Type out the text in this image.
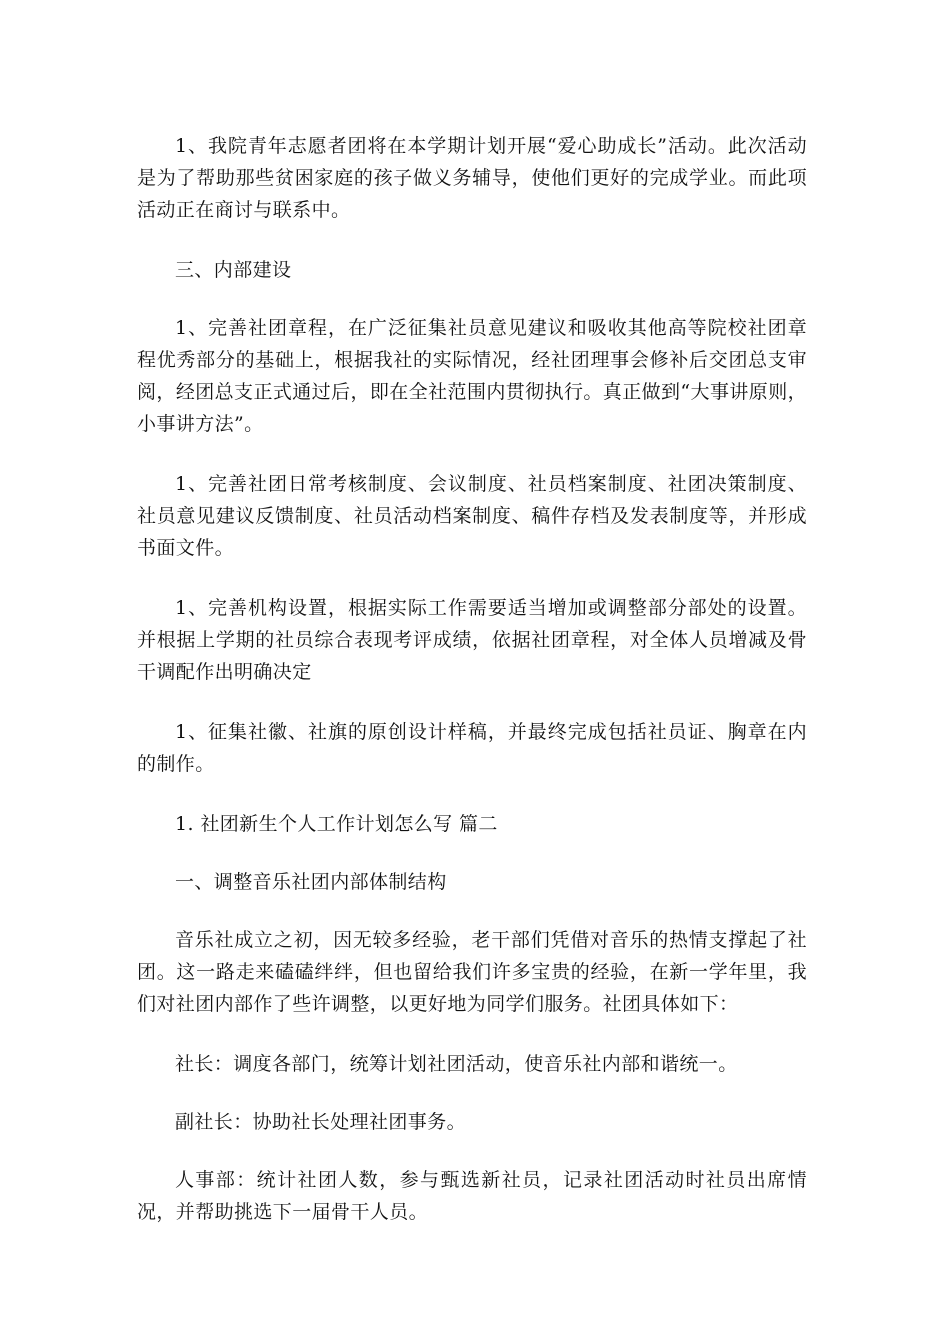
1、我院青年志愿者团将在本学期计划开展“爱心助成长”活动。此次活动是为了帮助那些贫困家庭的孩子做义务辅导，使他们更好的完成学业。而此项活动正在商讨与联系中。

三、内部建设

1、完善社团章程，在广泛征集社员意见建议和吸收其他高等院校社团章程优秀部分的基础上，根据我社的实际情况，经社团理事会修补后交团总支审阅，经团总支正式通过后，即在全社范围内贯彻执行。真正做到“大事讲原则，小事讲方法”。

1、完善社团日常考核制度、会议制度、社员档案制度、社团决策制度、社员意见建议反馈制度、社员活动档案制度、稿件存档及发表制度等，并形成书面文件。

1、完善机构设置，根据实际工作需要适当增加或调整部分部处的设置。并根据上学期的社员综合表现考评成绩，依据社团章程，对全体人员增减及骨干调配作出明确决定

1、征集社徽、社旗的原创设计样稿，并最终完成包括社员证、胸章在内的制作。

1. 社团新生个人工作计划怎么写 篇二

一、调整音乐社团内部体制结构

音乐社成立之初，因无较多经验，老干部们凭借对音乐的热情支撑起了社团。这一路走来磕磕绊绊，但也留给我们许多宝贵的经验，在新一学年里，我们对社团内部作了些许调整，以更好地为同学们服务。社团具体如下：

社长：调度各部门，统筹计划社团活动，使音乐社内部和谐统一。

副社长：协助社长处理社团事务。

人事部：统计社团人数，参与甄选新社员，记录社团活动时社员出席情况，并帮助挑选下一届骨干人员。
